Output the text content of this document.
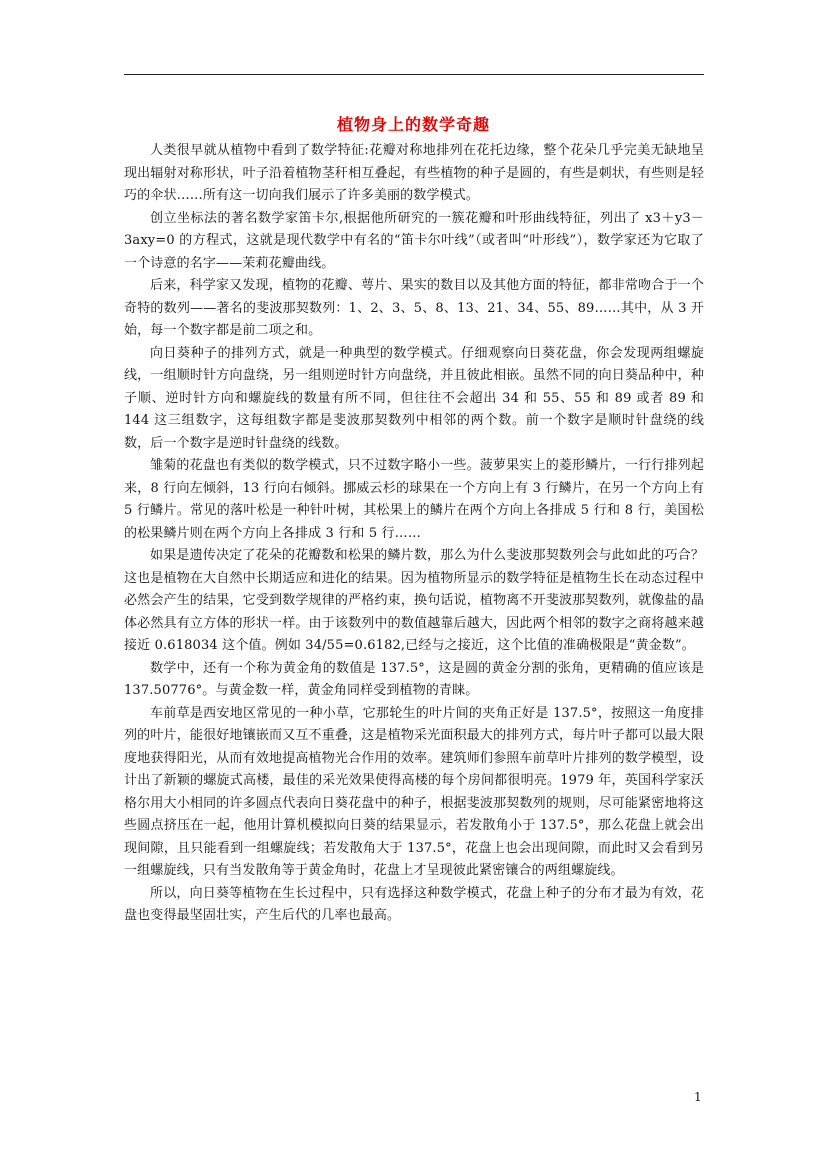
植物身上的数学奇趣

人类很早就从植物中看到了数学特征:花瓣对称地排列在花托边缘，整个花朵几乎完美无缺地呈现出辐射对称形状，叶子沿着植物茎秆相互叠起，有些植物的种子是圆的，有些是刺状，有些则是轻巧的伞状……所有这一切向我们展示了许多美丽的数学模式。

创立坐标法的著名数学家笛卡尔,根据他所研究的一簇花瓣和叶形曲线特征，列出了 x3＋y3－3axy=0 的方程式，这就是现代数学中有名的“笛卡尔叶线”（或者叫“叶形线”），数学家还为它取了一个诗意的名字——茉莉花瓣曲线。

后来，科学家又发现，植物的花瓣、萼片、果实的数目以及其他方面的特征，都非常吻合于一个奇特的数列——著名的斐波那契数列：1、2、3、5、8、13、21、34、55、89……其中，从 3 开始，每一个数字都是前二项之和。

向日葵种子的排列方式，就是一种典型的数学模式。仔细观察向日葵花盘，你会发现两组螺旋线，一组顺时针方向盘绕，另一组则逆时针方向盘绕，并且彼此相嵌。虽然不同的向日葵品种中，种子顺、逆时针方向和螺旋线的数量有所不同，但往往不会超出 34 和 55、55 和 89 或者 89 和 144 这三组数字，这每组数字都是斐波那契数列中相邻的两个数。前一个数字是顺时针盘绕的线数，后一个数字是逆时针盘绕的线数。

雏菊的花盘也有类似的数学模式，只不过数字略小一些。菠萝果实上的菱形鳞片，一行行排列起来，8 行向左倾斜，13 行向右倾斜。挪威云杉的球果在一个方向上有 3 行鳞片，在另一个方向上有 5 行鳞片。常见的落叶松是一种针叶树，其松果上的鳞片在两个方向上各排成 5 行和 8 行，美国松的松果鳞片则在两个方向上各排成 3 行和 5 行……

如果是遗传决定了花朵的花瓣数和松果的鳞片数，那么为什么斐波那契数列会与此如此的巧合？这也是植物在大自然中长期适应和进化的结果。因为植物所显示的数学特征是植物生长在动态过程中必然会产生的结果，它受到数学规律的严格约束，换句话说，植物离不开斐波那契数列，就像盐的晶体必然具有立方体的形状一样。由于该数列中的数值越靠后越大，因此两个相邻的数字之商将越来越接近 0.618034 这个值。例如 34/55=0.6182,已经与之接近，这个比值的准确极限是“黄金数”。

数学中，还有一个称为黄金角的数值是 137.5°，这是圆的黄金分割的张角，更精确的值应该是 137.50776°。与黄金数一样，黄金角同样受到植物的青睐。

车前草是西安地区常见的一种小草，它那轮生的叶片间的夹角正好是 137.5°，按照这一角度排列的叶片，能很好地镶嵌而又互不重叠，这是植物采光面积最大的排列方式，每片叶子都可以最大限度地获得阳光，从而有效地提高植物光合作用的效率。建筑师们参照车前草叶片排列的数学模型，设计出了新颖的螺旋式高楼，最佳的采光效果使得高楼的每个房间都很明亮。1979 年，英国科学家沃格尔用大小相同的许多圆点代表向日葵花盘中的种子，根据斐波那契数列的规则，尽可能紧密地将这些圆点挤压在一起，他用计算机模拟向日葵的结果显示，若发散角小于 137.5°，那么花盘上就会出现间隙，且只能看到一组螺旋线；若发散角大于 137.5°，花盘上也会出现间隙，而此时又会看到另一组螺旋线，只有当发散角等于黄金角时，花盘上才呈现彼此紧密镶合的两组螺旋线。

所以，向日葵等植物在生长过程中，只有选择这种数学模式，花盘上种子的分布才最为有效，花盘也变得最坚固壮实，产生后代的几率也最高。

1
